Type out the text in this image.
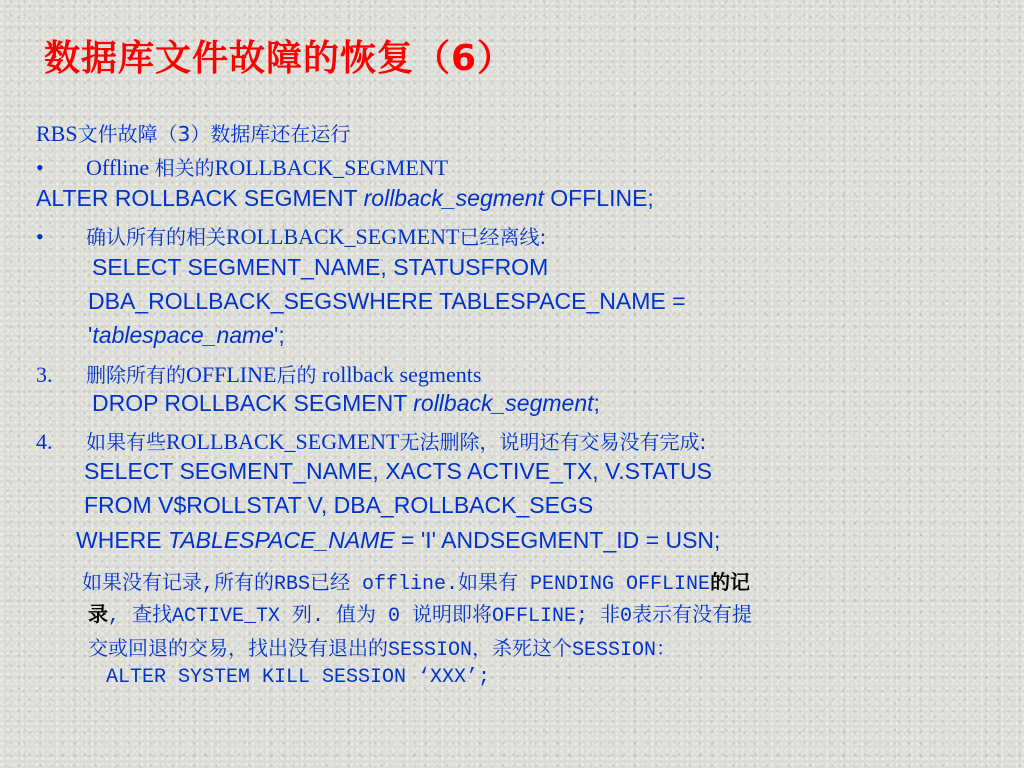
数据库文件故障的恢复（6）
RBS文件故障（3）数据库还在运行
• Offline 相关的ROLLBACK_SEGMENT
ALTER ROLLBACK SEGMENT rollback_segment OFFLINE;
• 确认所有的相关ROLLBACK_SEGMENT已经离线:
SELECT SEGMENT_NAME, STATUSFROM
DBA_ROLLBACK_SEGSWHERE TABLESPACE_NAME =
'tablespace_name';
3. 删除所有的OFFLINE后的 rollback segments
DROP ROLLBACK SEGMENT rollback_segment;
4. 如果有些ROLLBACK_SEGMENT无法删除，说明还有交易没有完成:
SELECT SEGMENT_NAME, XACTS ACTIVE_TX, V.STATUS
FROM V$ROLLSTAT V, DBA_ROLLBACK_SEGS
WHERE TABLESPACE_NAME = 'I' ANDSEGMENT_ID = USN;
如果没有记录,所有的RBS已经 offline.如果有 PENDING OFFLINE的记
录, 查找ACTIVE_TX 列. 值为 0 说明即将OFFLINE; 非0表示有没有提
交或回退的交易，找出没有退出的SESSION，杀死这个SESSION：
ALTER SYSTEM KILL SESSION ‘XXX’;
